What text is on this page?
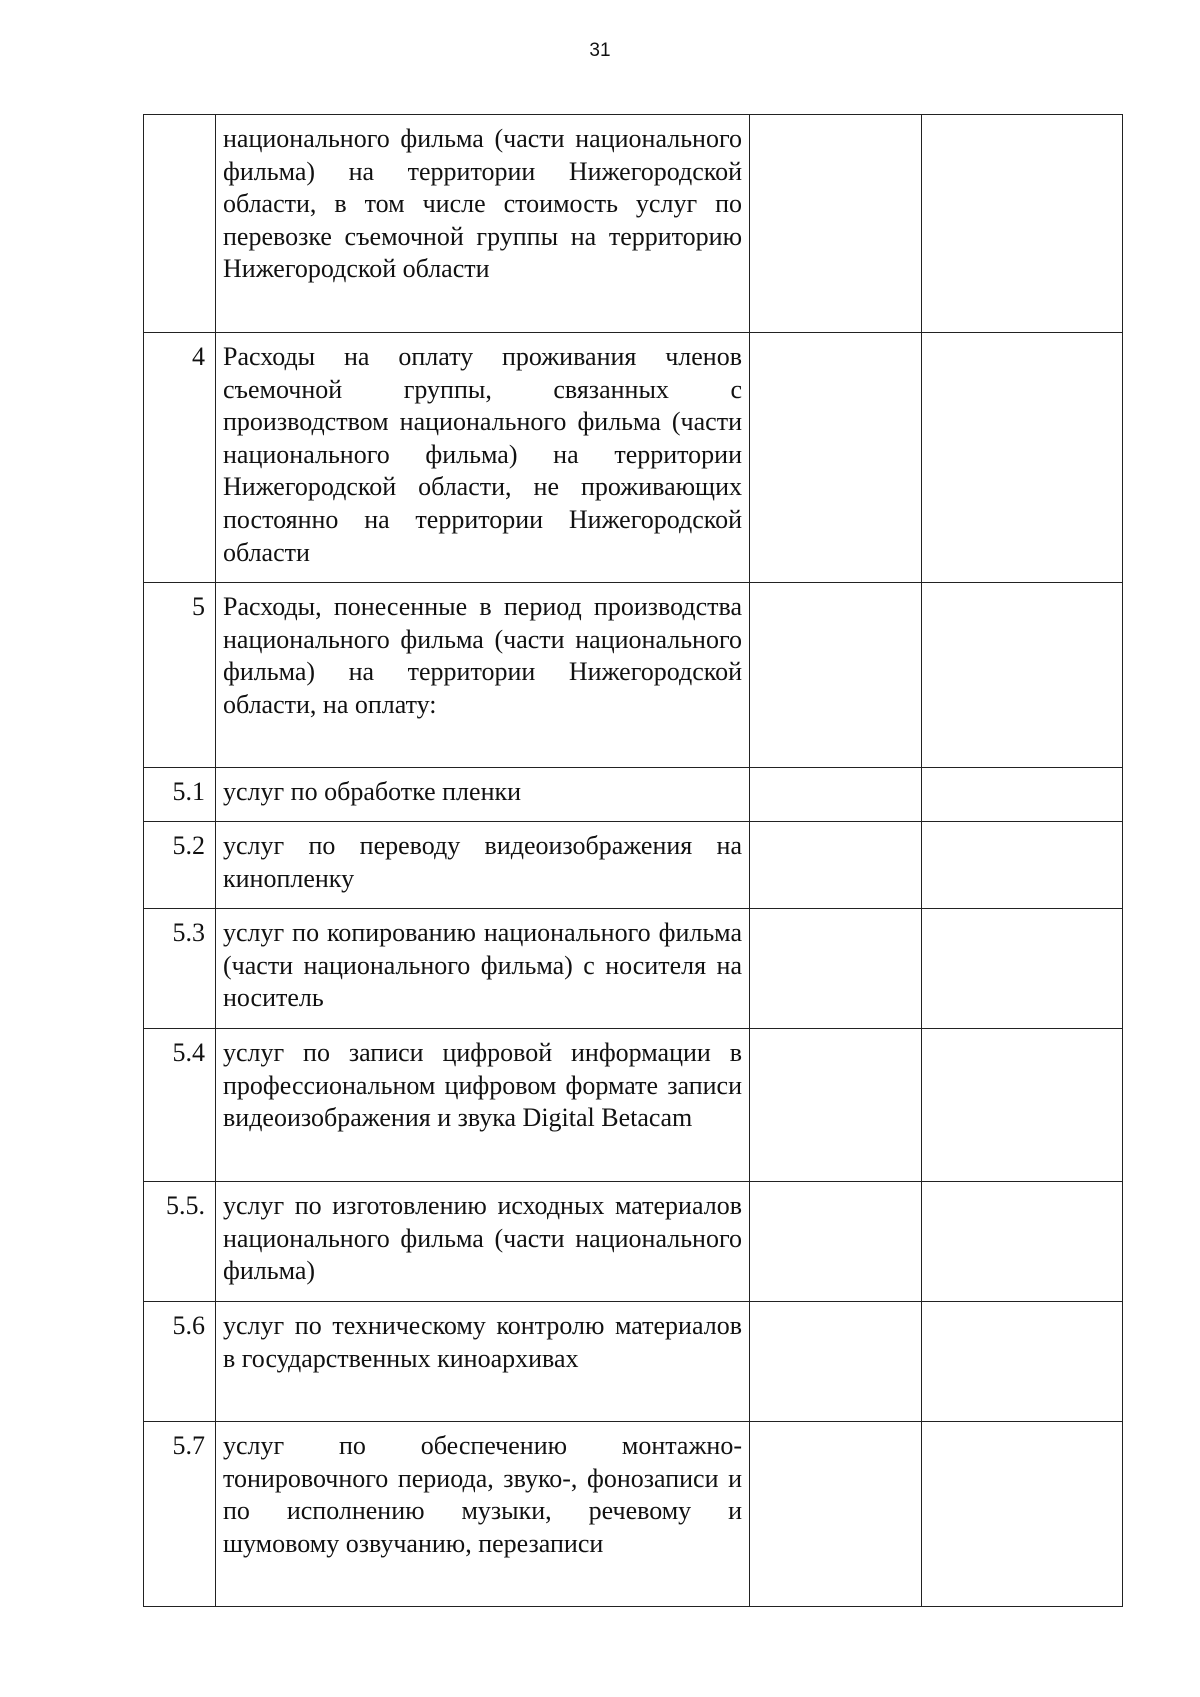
31
	национального фильма (части национального фильма) на территории Нижегородской области, в том числе стоимость услуг по перевозке съемочной группы на территорию Нижегородской области		
4	Расходы на оплату проживания членов съемочной группы, связанных с производством национального фильма (части национального фильма) на территории Нижегородской области, не проживающих постоянно на территории Нижегородской области		
5	Расходы, понесенные в период производства национального фильма (части национального фильма) на территории Нижегородской области, на оплату:		
5.1	услуг по обработке пленки		
5.2	услуг по переводу видеоизображения на кинопленку		
5.3	услуг по копированию национального фильма (части национального фильма) с носителя на носитель		
5.4	услуг по записи цифровой информации в профессиональном цифровом формате записи видеоизображения и звука Digital Betacam		
5.5.	услуг по изготовлению исходных материалов национального фильма (части национального фильма)		
5.6	услуг по техническому контролю материалов в государственных киноархивах		
5.7	услуг по обеспечению монтажно-тонировочного периода, звуко-, фонозаписи и по исполнению музыки, речевому и шумовому озвучанию, перезаписи		
